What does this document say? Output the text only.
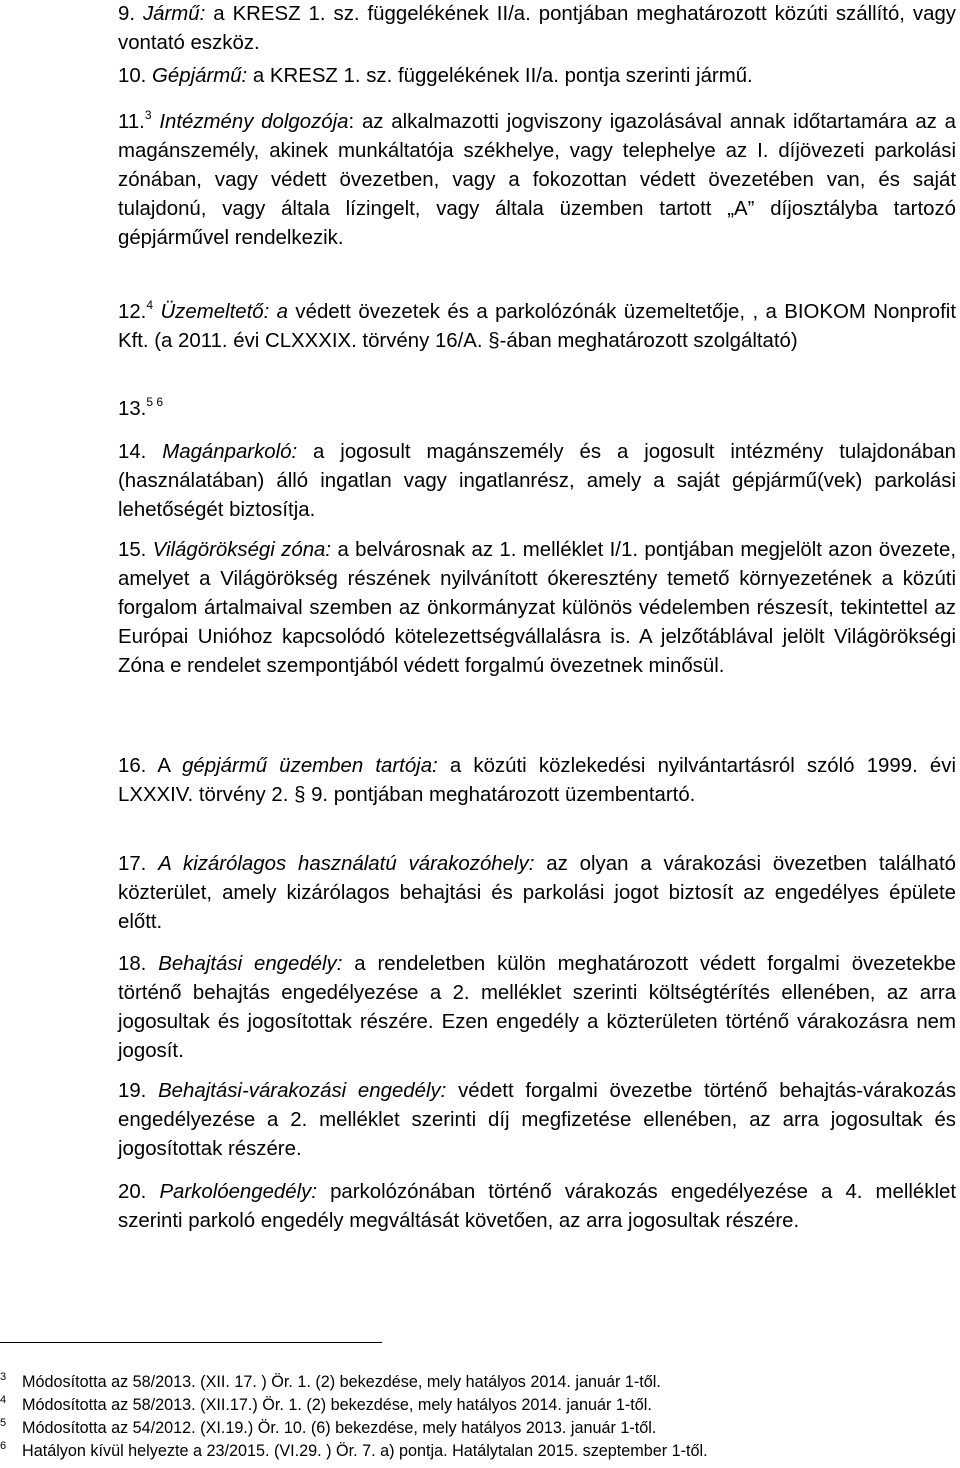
9. Jármű: a KRESZ 1. sz. függelékének II/a. pontjában meghatározott közúti szállító, vagy vontató eszköz.
10. Gépjármű: a KRESZ 1. sz. függelékének II/a. pontja szerinti jármű.
11.$^3$ Intézmény dolgozója: az alkalmazotti jogviszony igazolásával annak időtartamára az a magánszemély, akinek munkáltatója székhelye, vagy telephelye az I. díjövezeti parkolási zónában, vagy védett övezetben, vagy a fokozottan védett övezetében van, és saját tulajdonú, vagy általa lízingelt, vagy általa üzemben tartott „A” díjosztályba tartozó gépjárművel rendelkezik.
12.$^4$ Üzemeltető: a védett övezetek és a parkolózónák üzemeltetője, , a BIOKOM Nonprofit Kft. (a 2011. évi CLXXXIX. törvény 16/A. §-ában meghatározott szolgáltató)
13.$^{5 6}$
14. Magánparkoló: a jogosult magánszemély és a jogosult intézmény tulajdonában (használatában) álló ingatlan vagy ingatlanrész, amely a saját gépjármű(vek) parkolási lehetőségét biztosítja.
15. Világörökségi zóna: a belvárosnak az 1. melléklet I/1. pontjában megjelölt azon övezete, amelyet a Világörökség részének nyilvánított ókeresztény temető környezetének a közúti forgalom ártalmaival szemben az önkormányzat különös védelemben részesít, tekintettel az Európai Unióhoz kapcsolódó kötelezettségvállalásra is. A jelzőtáblával jelölt Világörökségi Zóna e rendelet szempontjából védett forgalmú övezetnek minősül.
16. A gépjármű üzemben tartója: a közúti közlekedési nyilvántartásról szóló 1999. évi LXXXIV. törvény 2. § 9. pontjában meghatározott üzembentartó.
17. A kizárólagos használatú várakozóhely: az olyan a várakozási övezetben található közterület, amely kizárólagos behajtási és parkolási jogot biztosít az engedélyes épülete előtt.
18. Behajtási engedély: a rendeletben külön meghatározott védett forgalmi övezetekbe történő behajtás engedélyezése a 2. melléklet szerinti költségtérítés ellenében, az arra jogosultak és jogosítottak részére. Ezen engedély a közterületen történő várakozásra nem jogosít.
19. Behajtási-várakozási engedély: védett forgalmi övezetbe történő behajtás-várakozás engedélyezése a 2. melléklet szerinti díj megfizetése ellenében, az arra jogosultak és jogosítottak részére.
20. Parkolóengedély: parkolózónában történő várakozás engedélyezése a 4. melléklet szerinti parkoló engedély megváltását követően, az arra jogosultak részére.
3 Módosította az 58/2013. (XII. 17. ) Ör. 1. (2) bekezdése, mely hatályos 2014. január 1-től.
4 Módosította az 58/2013. (XII.17.) Ör. 1. (2) bekezdése, mely hatályos 2014. január 1-től.
5 Módosította az 54/2012. (XI.19.) Ör. 10. (6) bekezdése, mely hatályos 2013. január 1-től.
6 Hatályon kívül helyezte a 23/2015. (VI.29. ) Ör. 7. a) pontja. Hatálytalan 2015. szeptember 1-től.
